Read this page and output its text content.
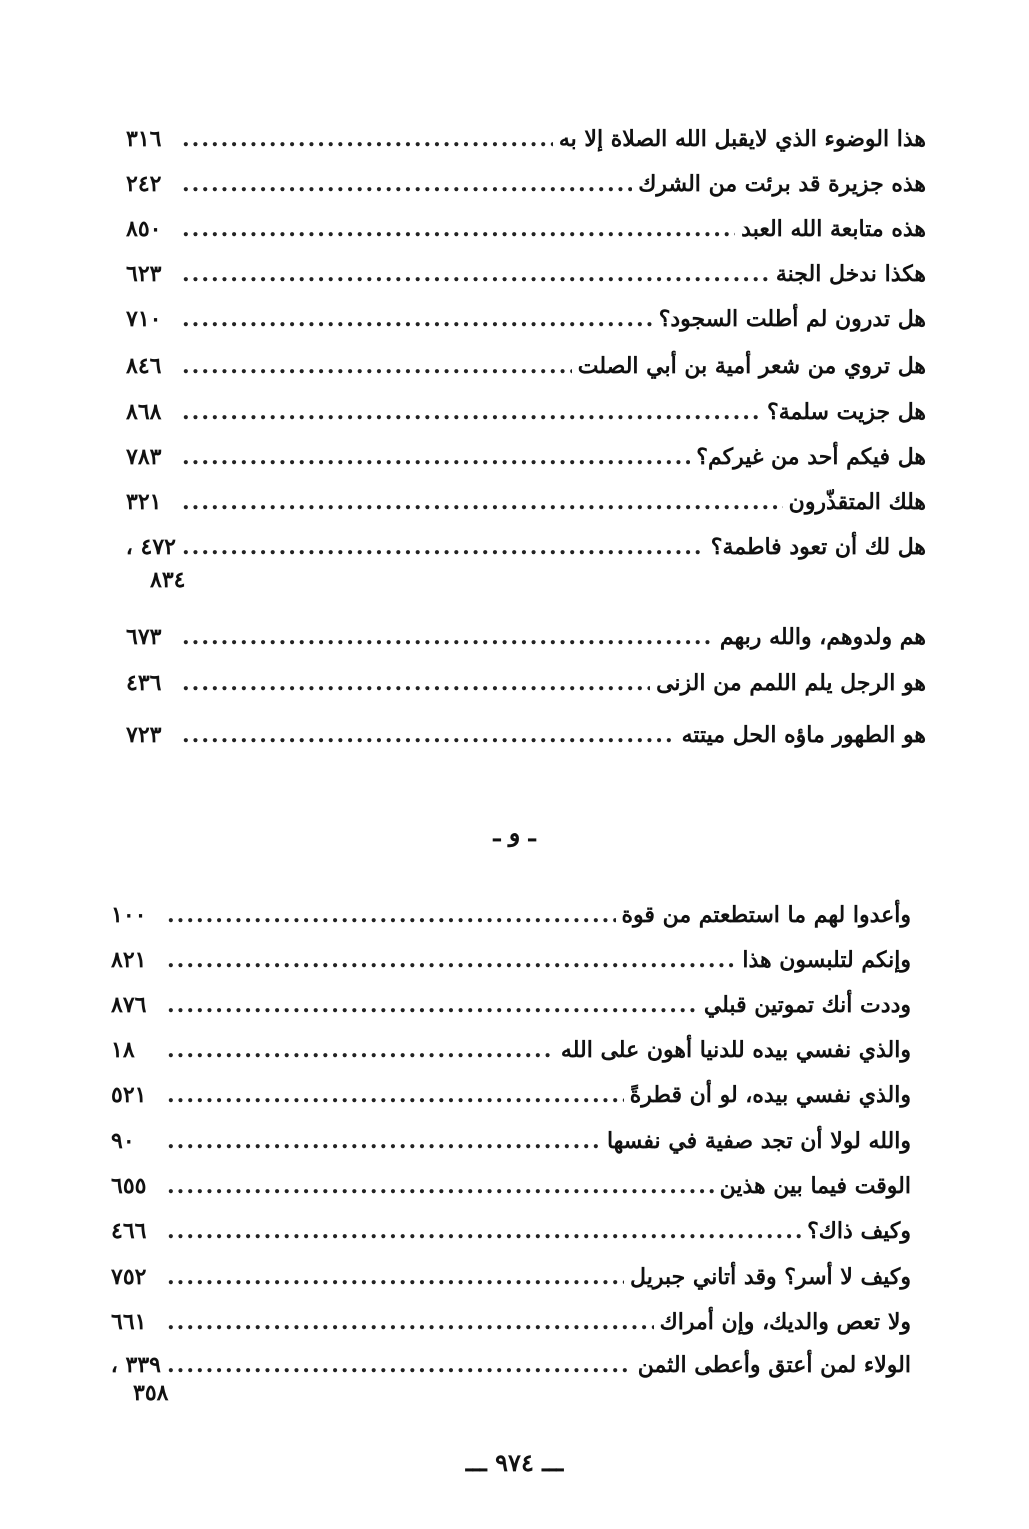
هذا الوضوء الذي لايقبل الله الصلاة إلا به
.....
٣١٦
هذه جزيرة قد برئت من الشرك
.....
٢٤٢
هذه متابعة الله العبد
.....
٨٥٠
هكذا ندخل الجنة
.....
٦٢٣
هل تدرون لم أطلت السجود؟
.....
٧١٠
هل تروي من شعر أمية بن أبي الصلت
.....
٨٤٦
هل جزيت سلمة؟
.....
٨٦٨
هل فيكم أحد من غيركم؟
.....
٧٨٣
هلك المتقذّرون
.....
٣٢١
هل لك أن تعود فاطمة؟
.....
٤٧٢ ،
٨٣٤
هم ولدوهم، والله ربهم
.....
٦٧٣
هو الرجل يلم اللمم من الزنى
.....
٤٣٦
هو الطهور ماؤه الحل ميتته
.....
٧٢٣
ـ و ـ
وأعدوا لهم ما استطعتم من قوة
.....
١٠٠
وإنكم لتلبسون هذا
.....
٨٢١
وددت أنك تموتين قبلي
.....
٨٧٦
والذي نفسي بيده للدنيا أهون على الله
.....
١٨
والذي نفسي بيده، لو أن قطرةً
.....
٥٢١
والله لولا أن تجد صفية في نفسها
.....
٩٠
الوقت فيما بين هذين
.....
٦٥٥
وكيف ذاك؟
.....
٤٦٦
وكيف لا أسر؟ وقد أتاني جبريل
.....
٧٥٢
ولا تعص والديك، وإن أمراك
.....
٦٦١
الولاء لمن أعتق وأعطى الثمن
.....
٣٣٩ ،
٣٥٨
ـــ ٩٧٤ ـــ
